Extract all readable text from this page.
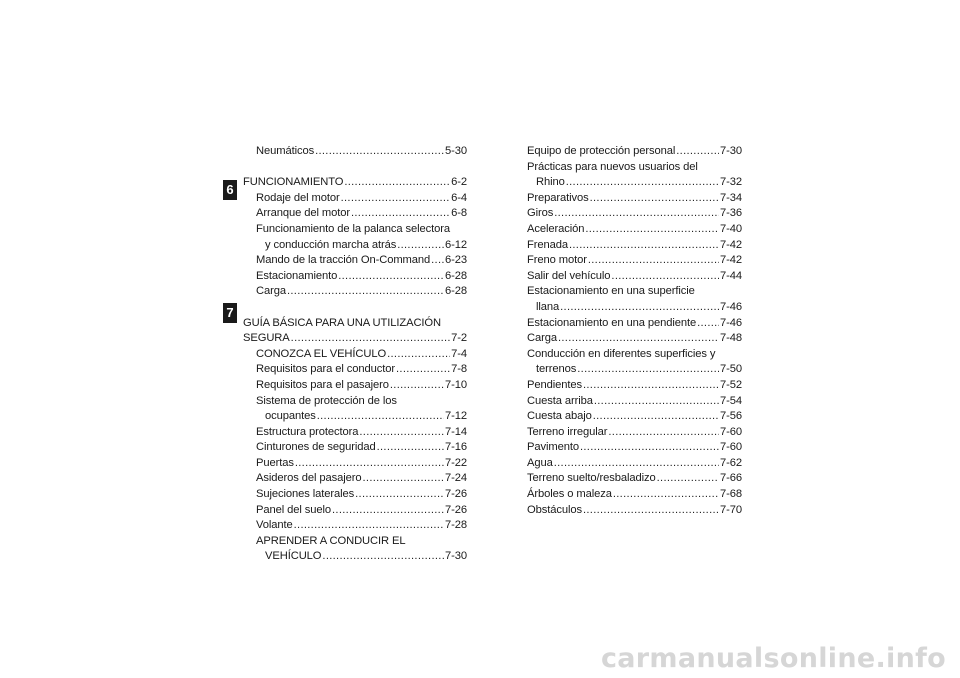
6
7
Neumáticos .....	5-30
FUNCIONAMIENTO .....	6-2
Rodaje del motor .....	6-4
Arranque del motor .....	6-8
Funcionamiento de la palanca selectora
y conducción marcha atrás .....	6-12
Mando de la tracción On-Command ..... 6-23
Estacionamiento .....	6-28
Carga .....	6-28
GUÍA BÁSICA PARA UNA UTILIZACIÓN
SEGURA .....	7-2
CONOZCA EL VEHÍCULO .....	7-4
Requisitos para el conductor .....	7-8
Requisitos para el pasajero .....	7-10
Sistema de protección de los
ocupantes .....	7-12
Estructura protectora .....	7-14
Cinturones de seguridad .....	7-16
Puertas .....	7-22
Asideros del pasajero .....	7-24
Sujeciones laterales .....	7-26
Panel del suelo .....	7-26
Volante .....	7-28
APRENDER A CONDUCIR EL
VEHÍCULO .....	7-30
Equipo de protección personal .....	7-30
Prácticas para nuevos usuarios del
Rhino .....	7-32
Preparativos .....	7-34
Giros .....	7-36
Aceleración .....	7-40
Frenada .....	7-42
Freno motor .....	7-42
Salir del vehículo .....	7-44
Estacionamiento en una superficie
llana .....	7-46
Estacionamiento en una pendiente ..... 7-46
Carga .....	7-48
Conducción en diferentes superficies y
terrenos .....	7-50
Pendientes .....	7-52
Cuesta arriba .....	7-54
Cuesta abajo .....	7-56
Terreno irregular .....	7-60
Pavimento .....	7-60
Agua .....	7-62
Terreno suelto/resbaladizo .....	7-66
Árboles o maleza .....	7-68
Obstáculos .....	7-70
carmanualsonline.info
